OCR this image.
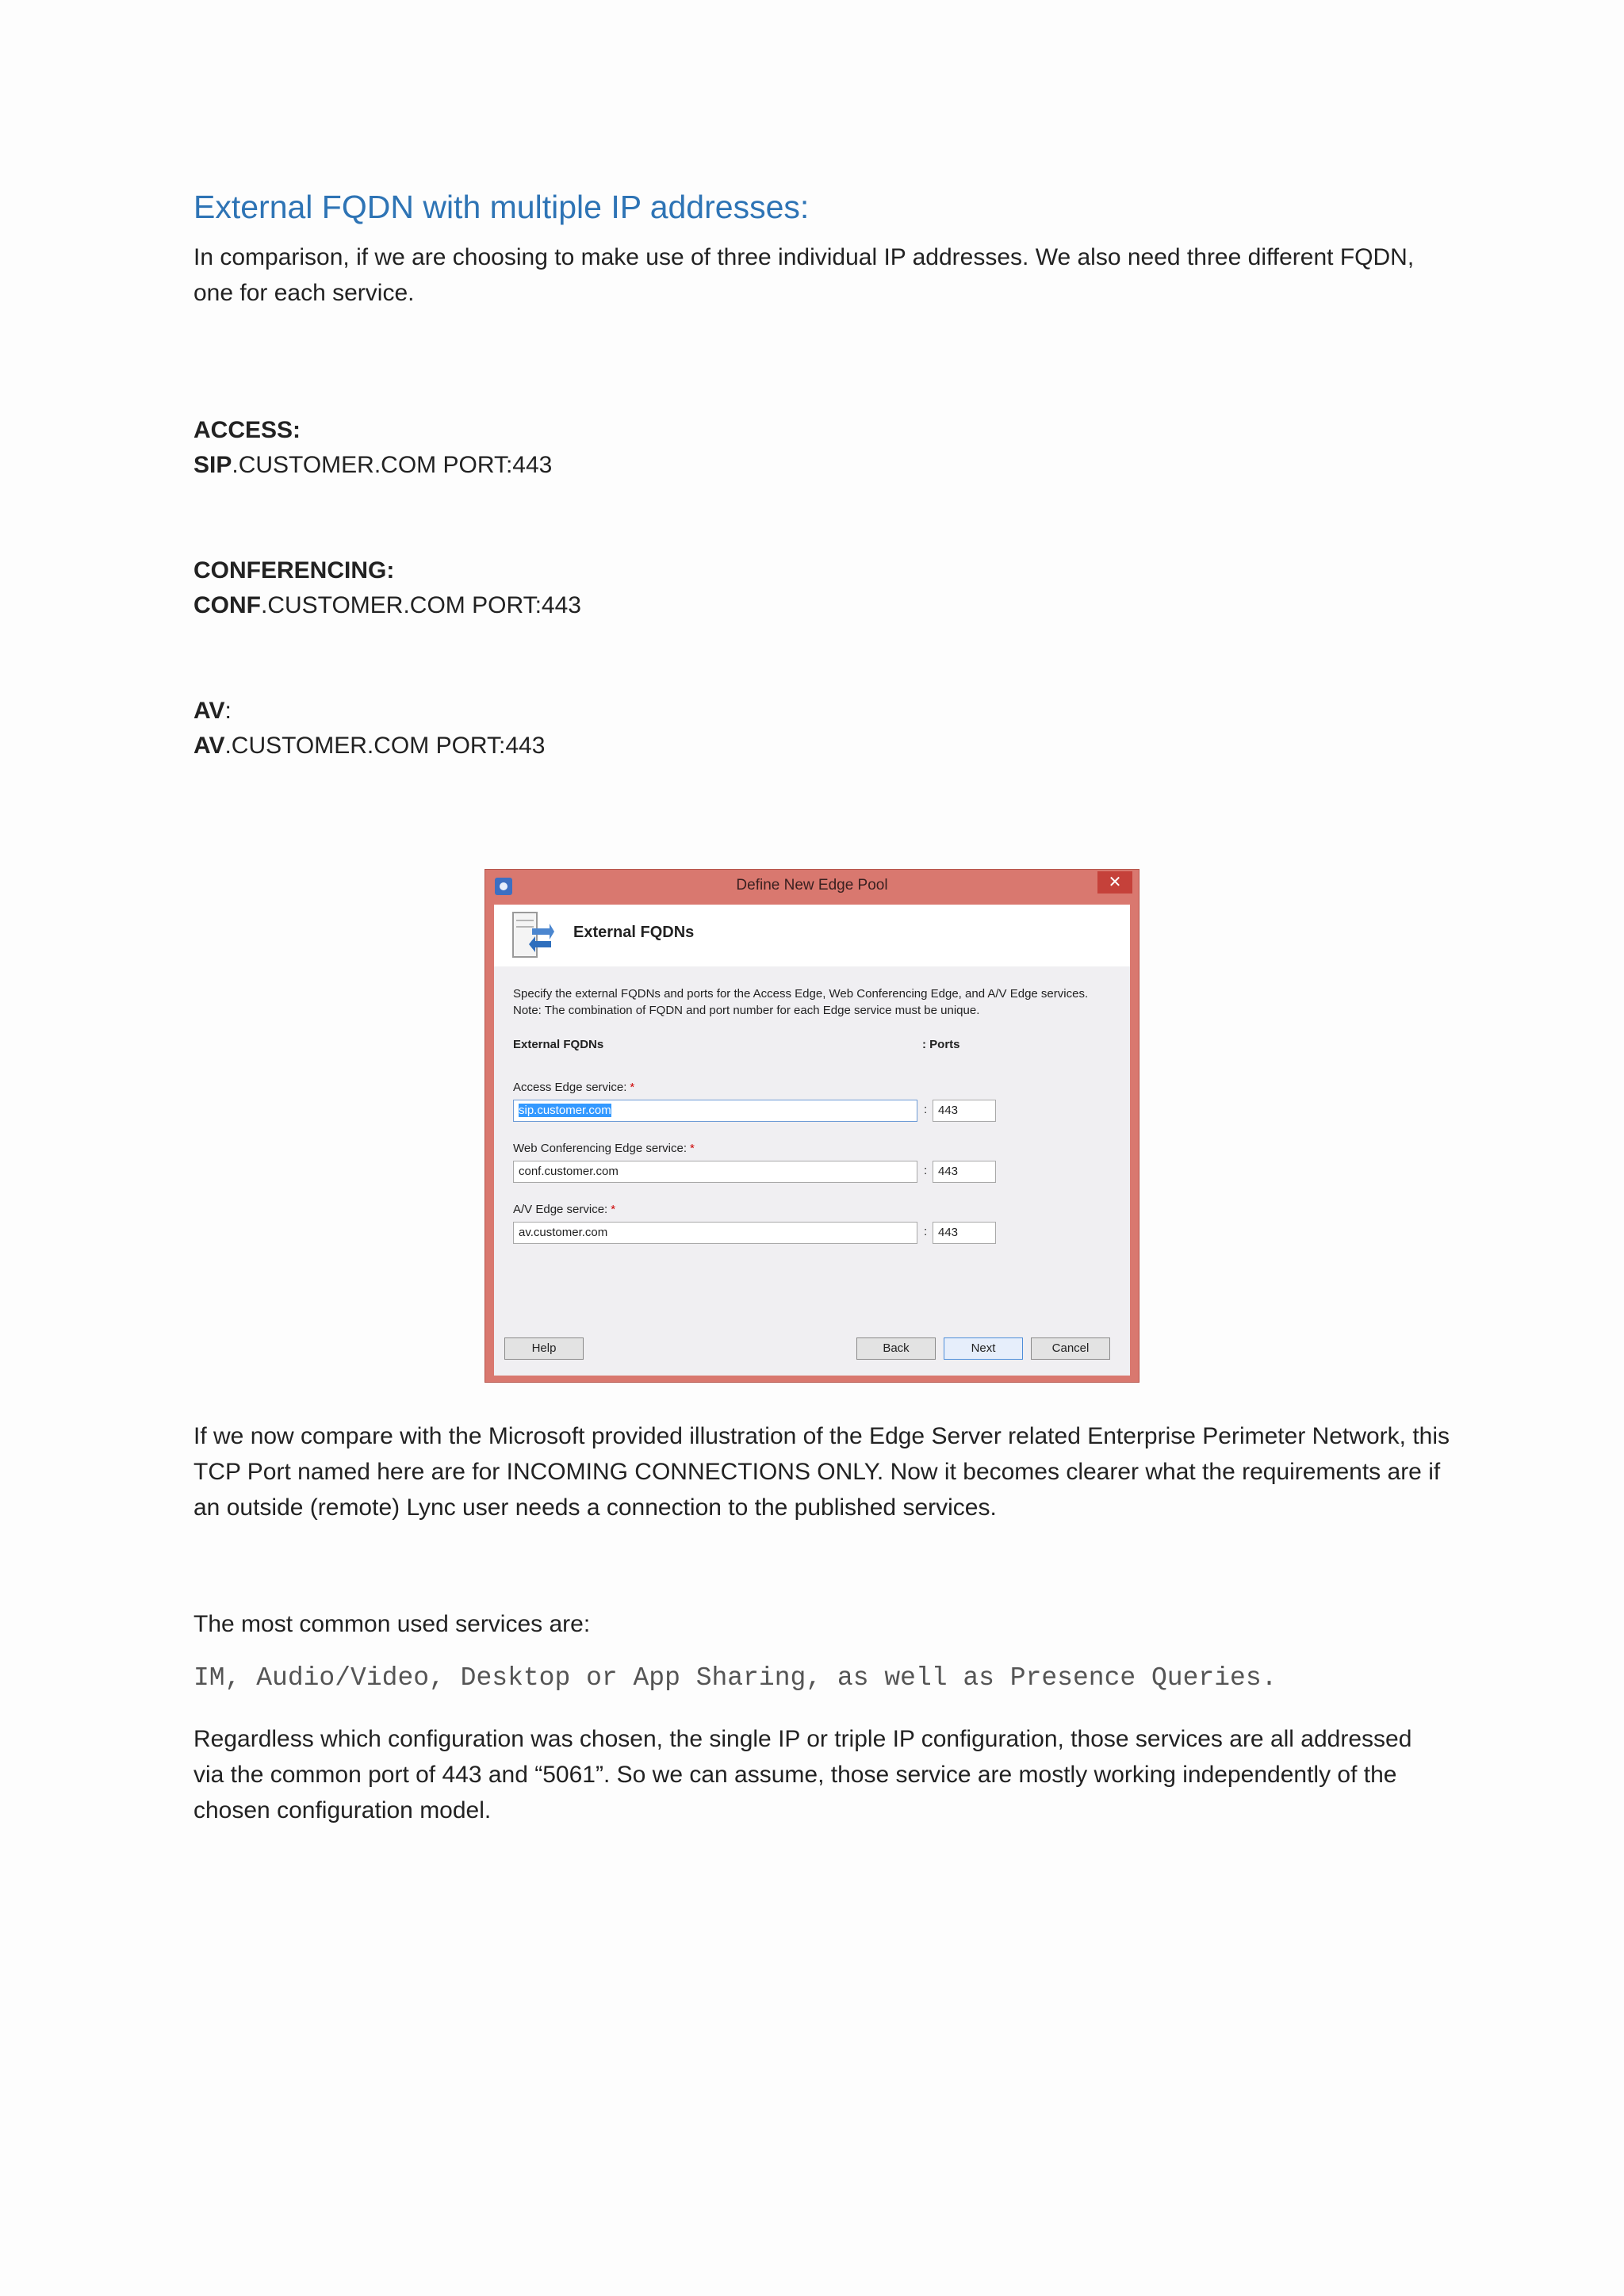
External FQDN with multiple IP addresses:

In comparison, if we are choosing to make use of three individual IP addresses. We also need three different FQDN, one for each service.

ACCESS:

SIP.CUSTOMER.COM PORT:443

CONFERENCING:

CONF.CUSTOMER.COM PORT:443

AV:

AV.CUSTOMER.COM PORT:443

Define New Edge Pool	✕
External FQDNs

Specify the external FQDNs and ports for the Access Edge, Web Conferencing Edge, and A/V Edge services. Note: The combination of FQDN and port number for each Edge service must be unique.

External FQDNs	: Ports
Access Edge service: *
sip.customer.com	: 443
Web Conferencing Edge service: *
conf.customer.com	: 443
A/V Edge service: *
av.customer.com	: 443
Help	Back	Next	Cancel

If we now compare with the Microsoft provided illustration of the Edge Server related Enterprise Perimeter Network, this TCP Port named here are for INCOMING CONNECTIONS ONLY. Now it becomes clearer what the requirements are if an outside (remote) Lync user needs a connection to the published services.

The most common used services are:

IM, Audio/Video, Desktop or App Sharing, as well as Presence Queries.

Regardless which configuration was chosen, the single IP or triple IP configuration, those services are all addressed via the common port of 443 and “5061”. So we can assume, those service are mostly working independently of the chosen configuration model.
